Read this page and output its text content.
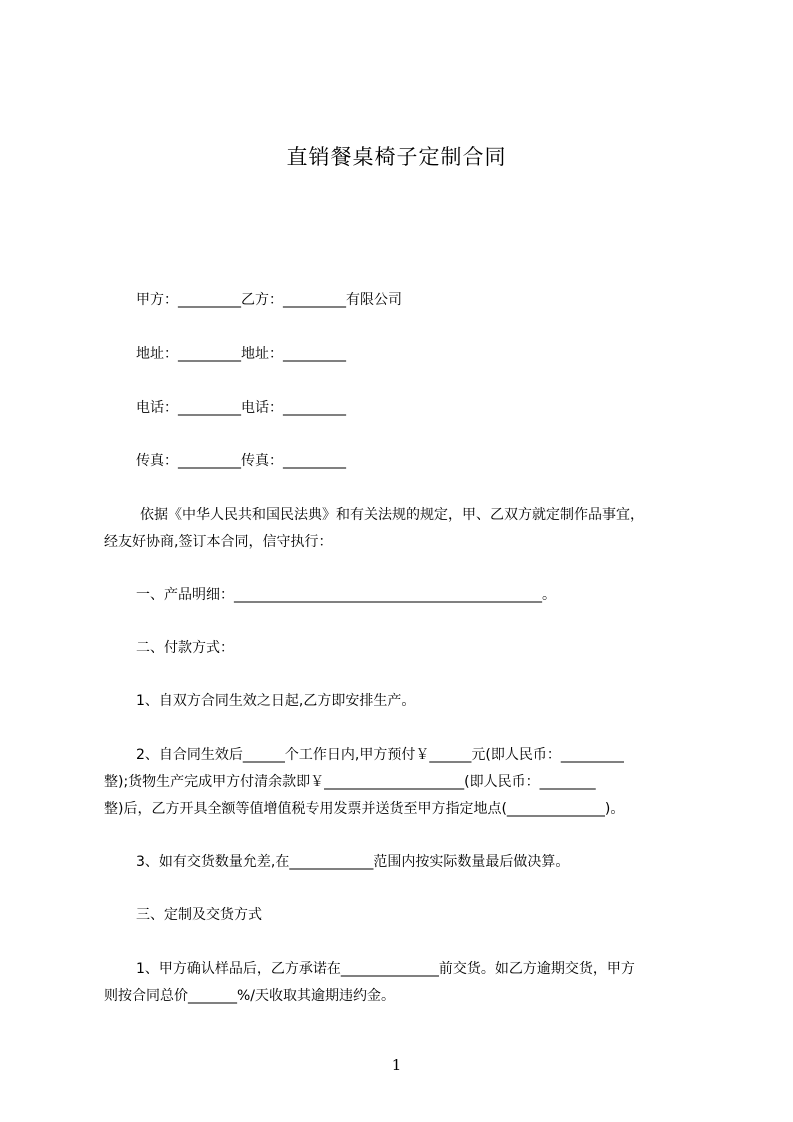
直销餐桌椅子定制合同
甲方：_________乙方：_________有限公司
地址：_________地址：_________
电话：_________电话：_________
传真：_________传真：_________
依据《中华人民共和国民法典》和有关法规的规定，甲、乙双方就定制作品事宜，
经友好协商,签订本合同，信守执行：
一、产品明细：____________________________________________。
二、付款方式：
1、自双方合同生效之日起,乙方即安排生产。
2、自合同生效后______个工作日内,甲方预付￥______元(即人民币：_________
整);货物生产完成甲方付清余款即￥____________________(即人民币：________
整)后，乙方开具全额等值增值税专用发票并送货至甲方指定地点(______________)。
3、如有交货数量允差,在____________范围内按实际数量最后做决算。
三、定制及交货方式
1、甲方确认样品后，乙方承诺在______________前交货。如乙方逾期交货，甲方
则按合同总价_______%/天收取其逾期违约金。
1
